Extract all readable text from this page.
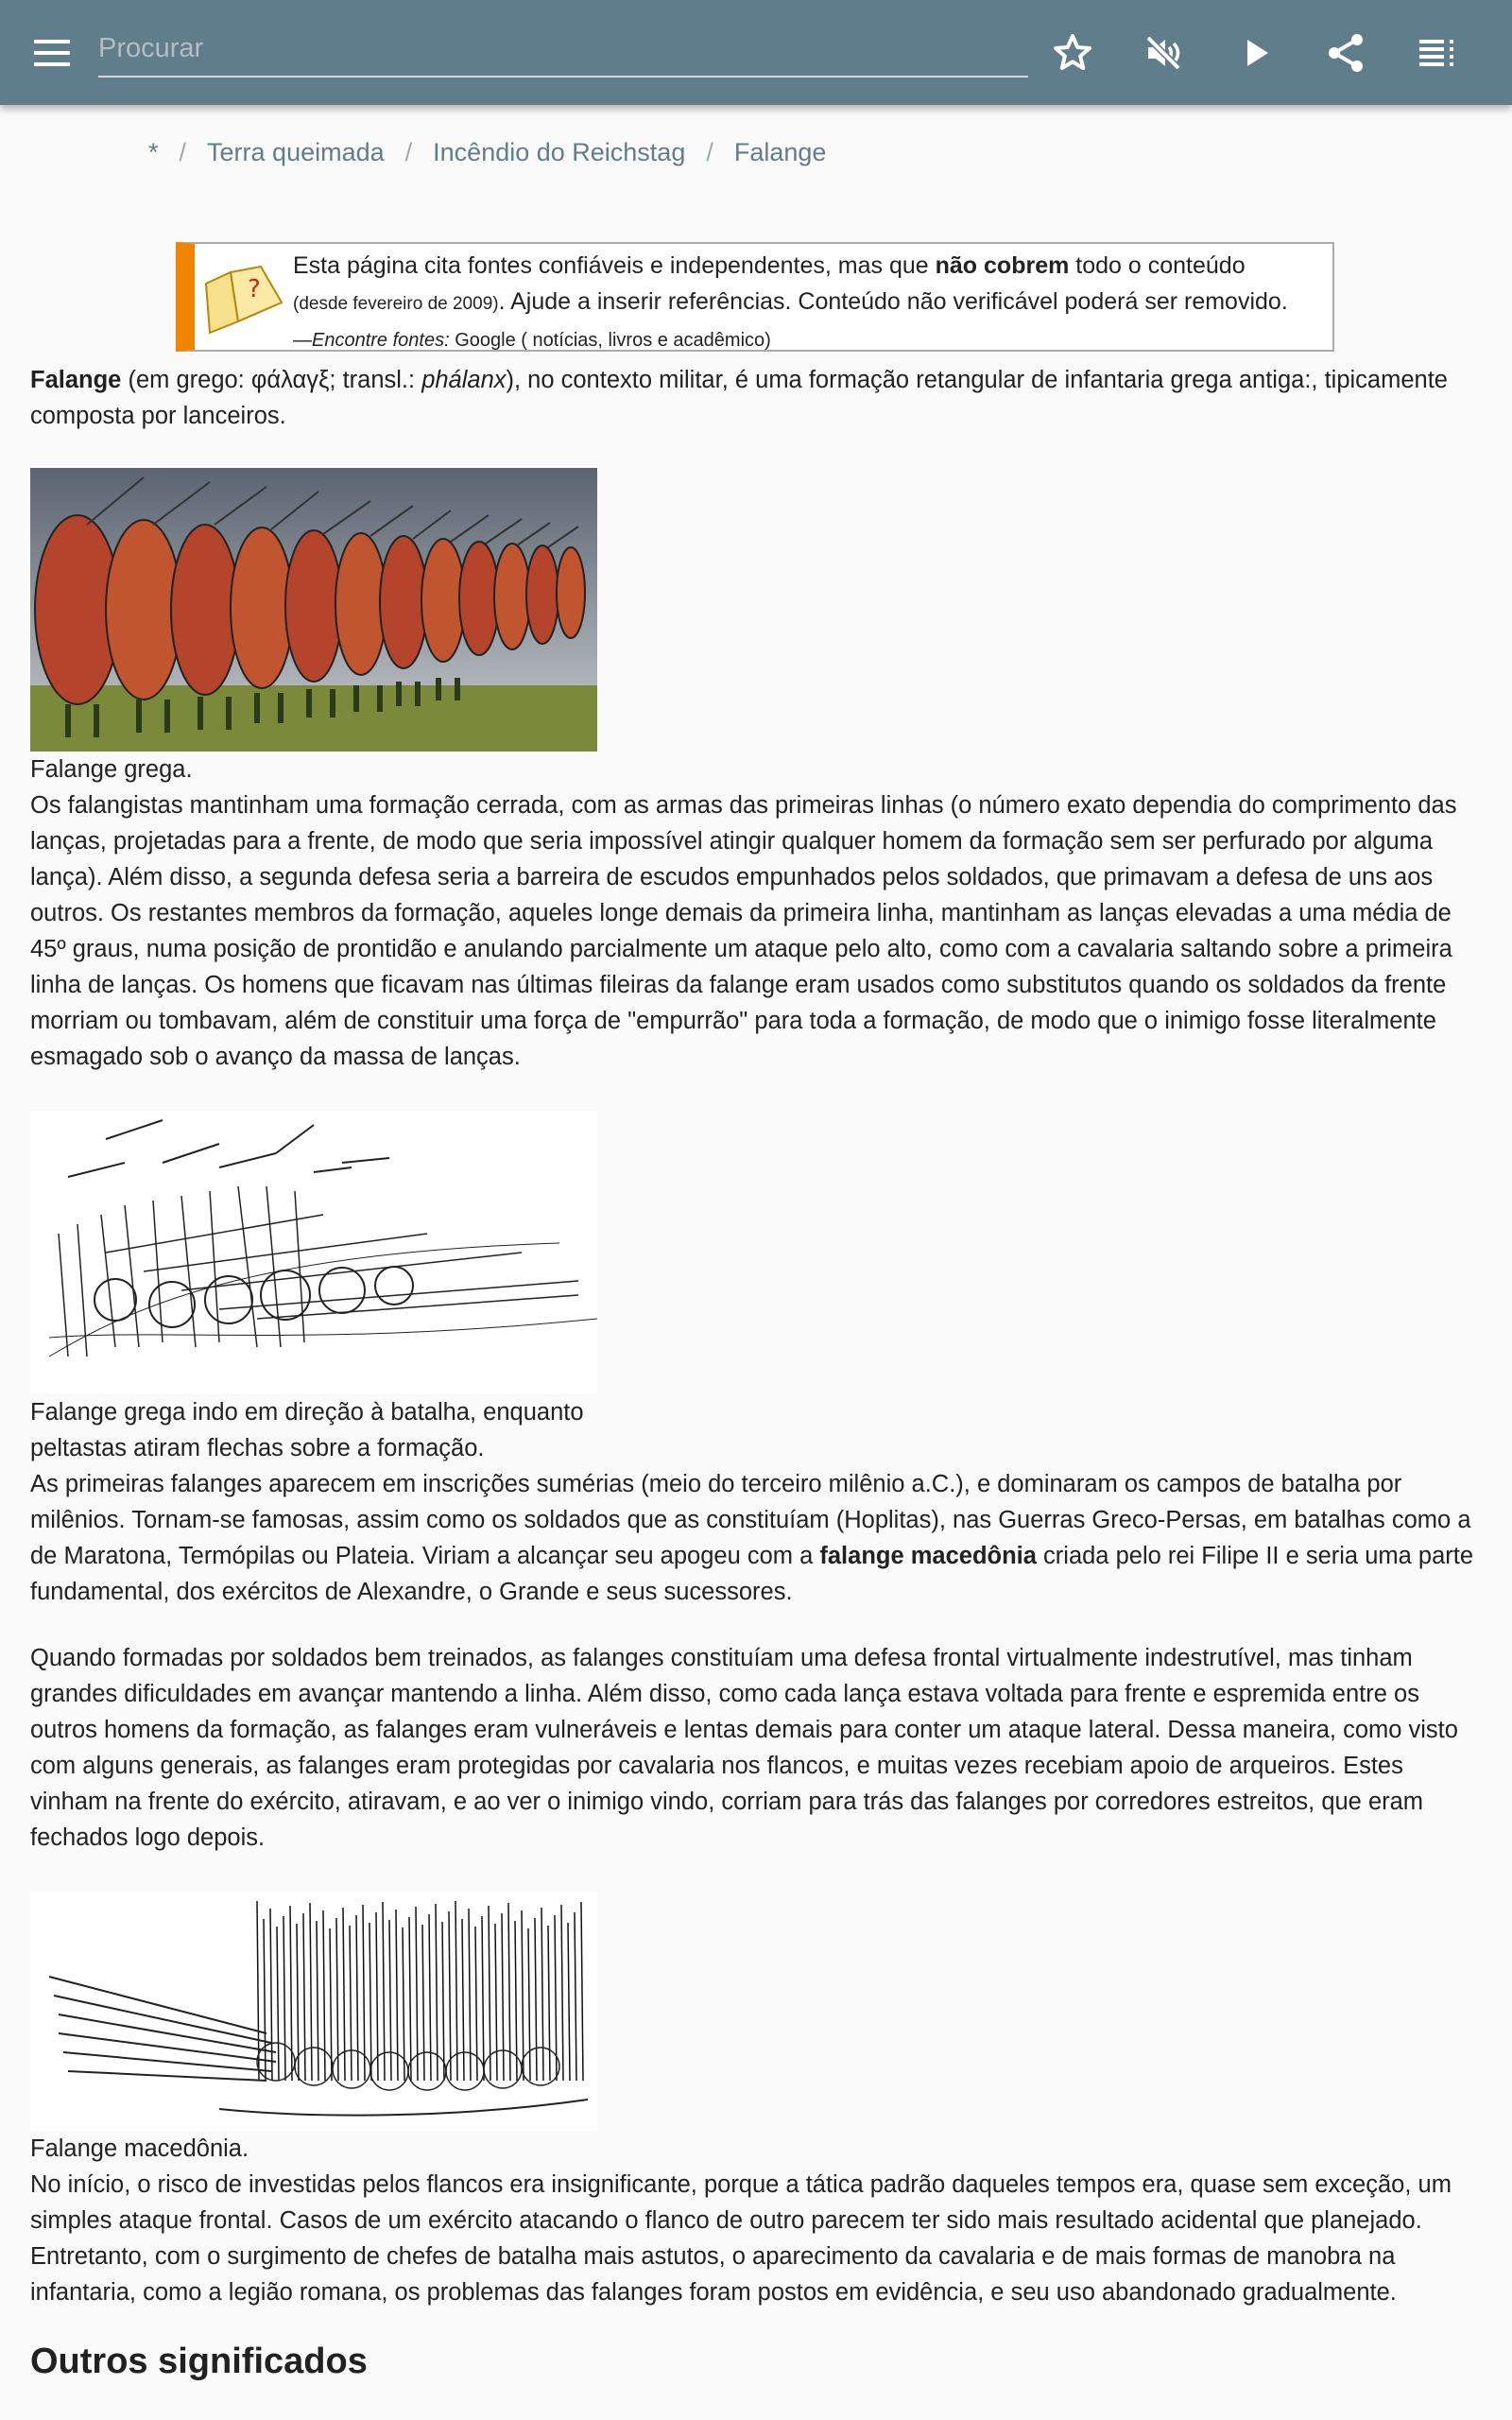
Procurar
* / Terra queimada / Incêndio do Reichstag / Falange
?
Esta página cita fontes confiáveis e independentes, mas que não cobrem todo o conteúdo
(desde fevereiro de 2009). Ajude a inserir referências. Conteúdo não verificável poderá ser removido.
—Encontre fontes: Google ( notícias, livros e acadêmico)

Falange (em grego: φάλαγξ; transl.: phálanx), no contexto militar, é uma formação retangular de infantaria grega antiga:, tipicamente composta por lanceiros.

Falange grega.

Os falangistas mantinham uma formação cerrada, com as armas das primeiras linhas (o número exato dependia do comprimento das lanças, projetadas para a frente, de modo que seria impossível atingir qualquer homem da formação sem ser perfurado por alguma lança). Além disso, a segunda defesa seria a barreira de escudos empunhados pelos soldados, que primavam a defesa de uns aos outros. Os restantes membros da formação, aqueles longe demais da primeira linha, mantinham as lanças elevadas a uma média de 45º graus, numa posição de prontidão e anulando parcialmente um ataque pelo alto, como com a cavalaria saltando sobre a primeira linha de lanças. Os homens que ficavam nas últimas fileiras da falange eram usados como substitutos quando os soldados da frente morriam ou tombavam, além de constituir uma força de "empurrão" para toda a formação, de modo que o inimigo fosse literalmente esmagado sob o avanço da massa de lanças.

Falange grega indo em direção à batalha, enquanto
peltastas atiram flechas sobre a formação.

As primeiras falanges aparecem em inscrições sumérias (meio do terceiro milênio a.C.), e dominaram os campos de batalha por milênios. Tornam-se famosas, assim como os soldados que as constituíam (Hoplitas), nas Guerras Greco-Persas, em batalhas como a de Maratona, Termópilas ou Plateia. Viriam a alcançar seu apogeu com a falange macedônia criada pelo rei Filipe II e seria uma parte fundamental, dos exércitos de Alexandre, o Grande e seus sucessores.

Quando formadas por soldados bem treinados, as falanges constituíam uma defesa frontal virtualmente indestrutível, mas tinham grandes dificuldades em avançar mantendo a linha. Além disso, como cada lança estava voltada para frente e espremida entre os outros homens da formação, as falanges eram vulneráveis e lentas demais para conter um ataque lateral. Dessa maneira, como visto com alguns generais, as falanges eram protegidas por cavalaria nos flancos, e muitas vezes recebiam apoio de arqueiros. Estes vinham na frente do exército, atiravam, e ao ver o inimigo vindo, corriam para trás das falanges por corredores estreitos, que eram fechados logo depois.

Falange macedônia.

No início, o risco de investidas pelos flancos era insignificante, porque a tática padrão daqueles tempos era, quase sem exceção, um simples ataque frontal. Casos de um exército atacando o flanco de outro parecem ter sido mais resultado acidental que planejado. Entretanto, com o surgimento de chefes de batalha mais astutos, o aparecimento da cavalaria e de mais formas de manobra na infantaria, como a legião romana, os problemas das falanges foram postos em evidência, e seu uso abandonado gradualmente.

Outros significados
